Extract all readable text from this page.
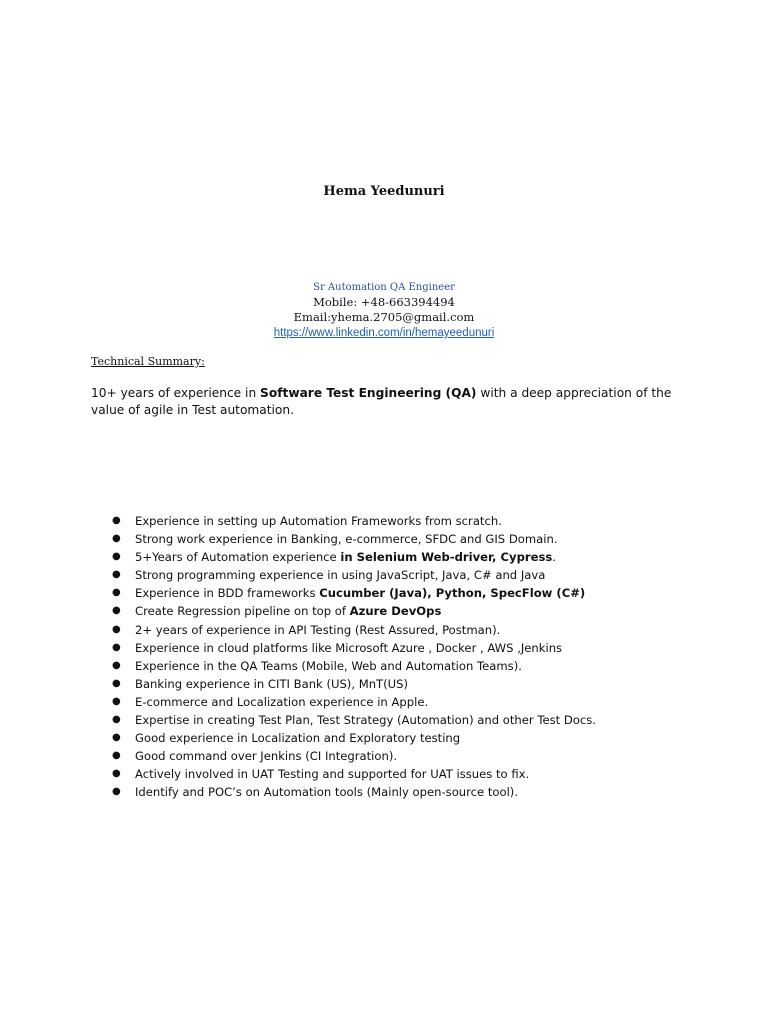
Hema Yeedunuri
Sr Automation QA Engineer
Mobile: +48-663394494
Email:yhema.2705@gmail.com
https://www.linkedin.com/in/hemayeedunuri
Technical Summary:
10+ years of experience in Software Test Engineering (QA) with a deep appreciation of the value of agile in Test automation.
● Experience in setting up Automation Frameworks from scratch.
● Strong work experience in Banking, e-commerce, SFDC and GIS Domain.
● 5+Years of Automation experience in Selenium Web-driver, Cypress.
● Strong programming experience in using JavaScript, Java, C# and Java
● Experience in BDD frameworks Cucumber (Java), Python, SpecFlow (C#)
● Create Regression pipeline on top of Azure DevOps
● 2+ years of experience in API Testing (Rest Assured, Postman).
● Experience in cloud platforms like Microsoft Azure , Docker , AWS ,Jenkins
● Experience in the QA Teams (Mobile, Web and Automation Teams).
● Banking experience in CITI Bank (US), MnT(US)
● E-commerce and Localization experience in Apple.
● Expertise in creating Test Plan, Test Strategy (Automation) and other Test Docs.
● Good experience in Localization and Exploratory testing
● Good command over Jenkins (CI Integration).
● Actively involved in UAT Testing and supported for UAT issues to fix.
● Identify and POC’s on Automation tools (Mainly open-source tool).
